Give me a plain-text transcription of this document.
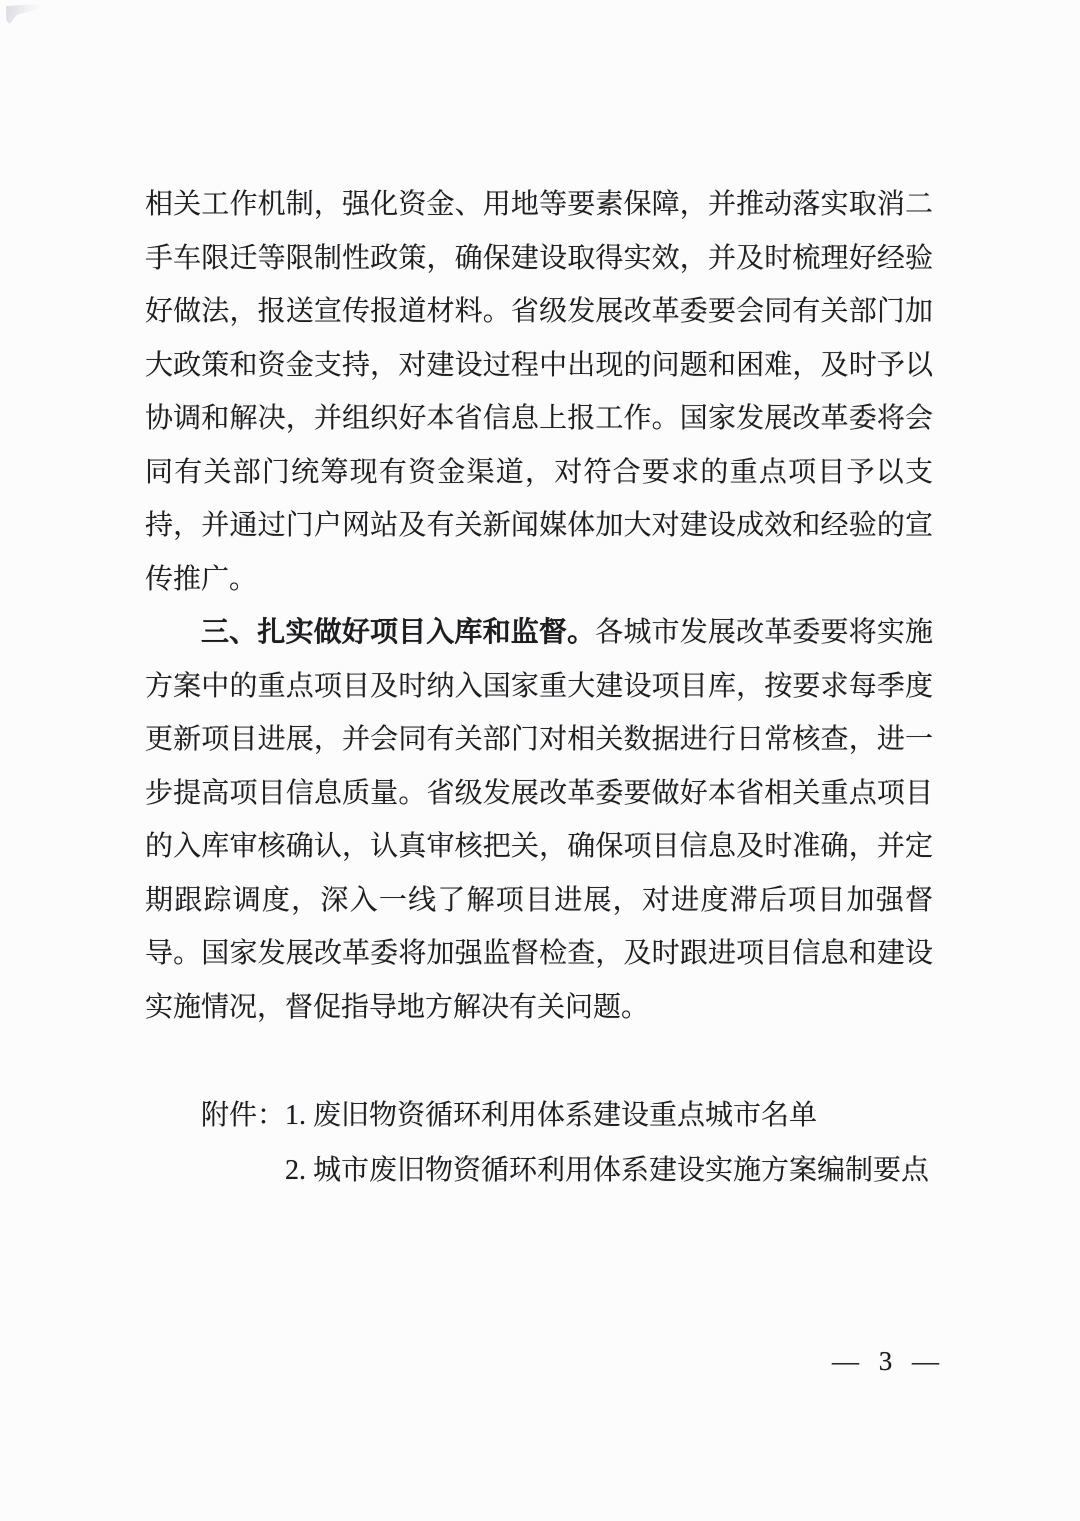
相关工作机制，强化资金、用地等要素保障，并推动落实取消二手车限迁等限制性政策，确保建设取得实效，并及时梳理好经验好做法，报送宣传报道材料。省级发展改革委要会同有关部门加大政策和资金支持，对建设过程中出现的问题和困难，及时予以协调和解决，并组织好本省信息上报工作。国家发展改革委将会同有关部门统筹现有资金渠道，对符合要求的重点项目予以支持，并通过门户网站及有关新闻媒体加大对建设成效和经验的宣传推广。

三、扎实做好项目入库和监督。各城市发展改革委要将实施方案中的重点项目及时纳入国家重大建设项目库，按要求每季度更新项目进展，并会同有关部门对相关数据进行日常核查，进一步提高项目信息质量。省级发展改革委要做好本省相关重点项目的入库审核确认，认真审核把关，确保项目信息及时准确，并定期跟踪调度，深入一线了解项目进展，对进度滞后项目加强督导。国家发展改革委将加强监督检查，及时跟进项目信息和建设实施情况，督促指导地方解决有关问题。

附件：1. 废旧物资循环利用体系建设重点城市名单
2. 城市废旧物资循环利用体系建设实施方案编制要点
— 3 —
